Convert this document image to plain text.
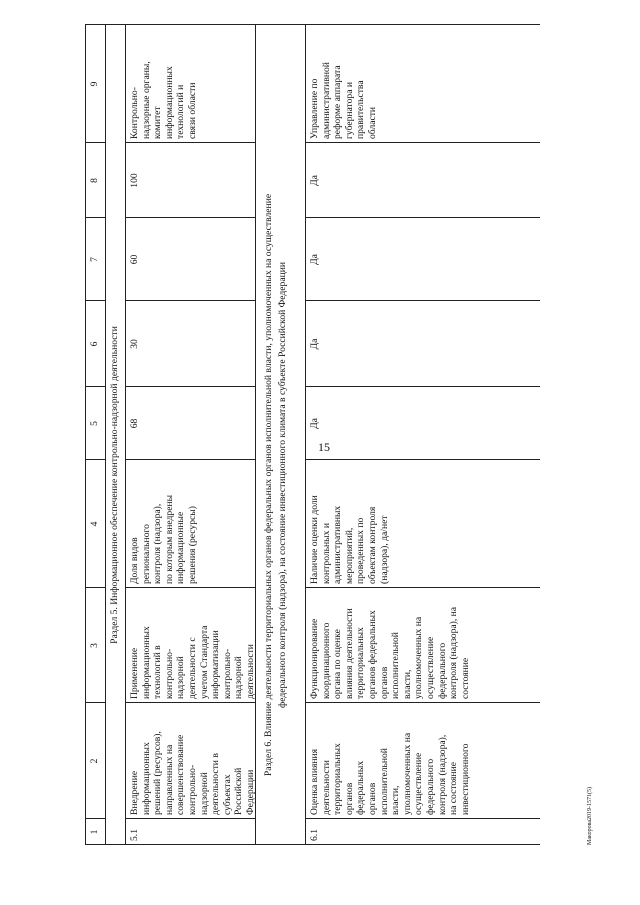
15
1
2
3
4
5
6
7
8
9
Раздел 5. Информационное обеспечение контрольно-надзорной деятельности
5.1
Внедрение
информационных
решений (ресурсов),
направленных на
совершенствование
контрольно-
надзорной
деятельности в
субъектах
Российской
Федерации
Применение
информационных
технологий в
контрольно-
надзорной
деятельности с
учетом Стандарта
информатизации
контрольно-
надзорной
деятельности
Доля видов
регионального
контроля (надзора),
по которым внедрены
информационные
решения (ресурсы)
68
30
60
100
Контрольно-
надзорные органы,
комитет
информационных
технологий и
связи области
Раздел 6. Влияние деятельности территориальных органов федеральных органов исполнительной власти, уполномоченных на осуществление федерального контроля (надзора), на состояние инвестиционного климата в субъекте Российской Федерации
6.1
Оценка влияния
деятельности
территориальных
органов
федеральных
органов
исполнительной
власти,
уполномоченных на
осуществление
федерального
контроля (надзора),
на состояние
инвестиционного
Функционирование
координационного
органа по оценке
влияния деятельности
территориальных
органов федеральных
органов
исполнительной
власти,
уполномоченных на
осуществление
федерального
контроля (надзора), на
состояние
Наличие оценки доли
контрольных и
административных
мероприятий,
проведенных по
объектам контроля
(надзора), да/нет
Да
Да
Да
Да
Управление по
административной
реформе аппарата
губернатора и
правительства
области
Макорова2019-1571(5)
